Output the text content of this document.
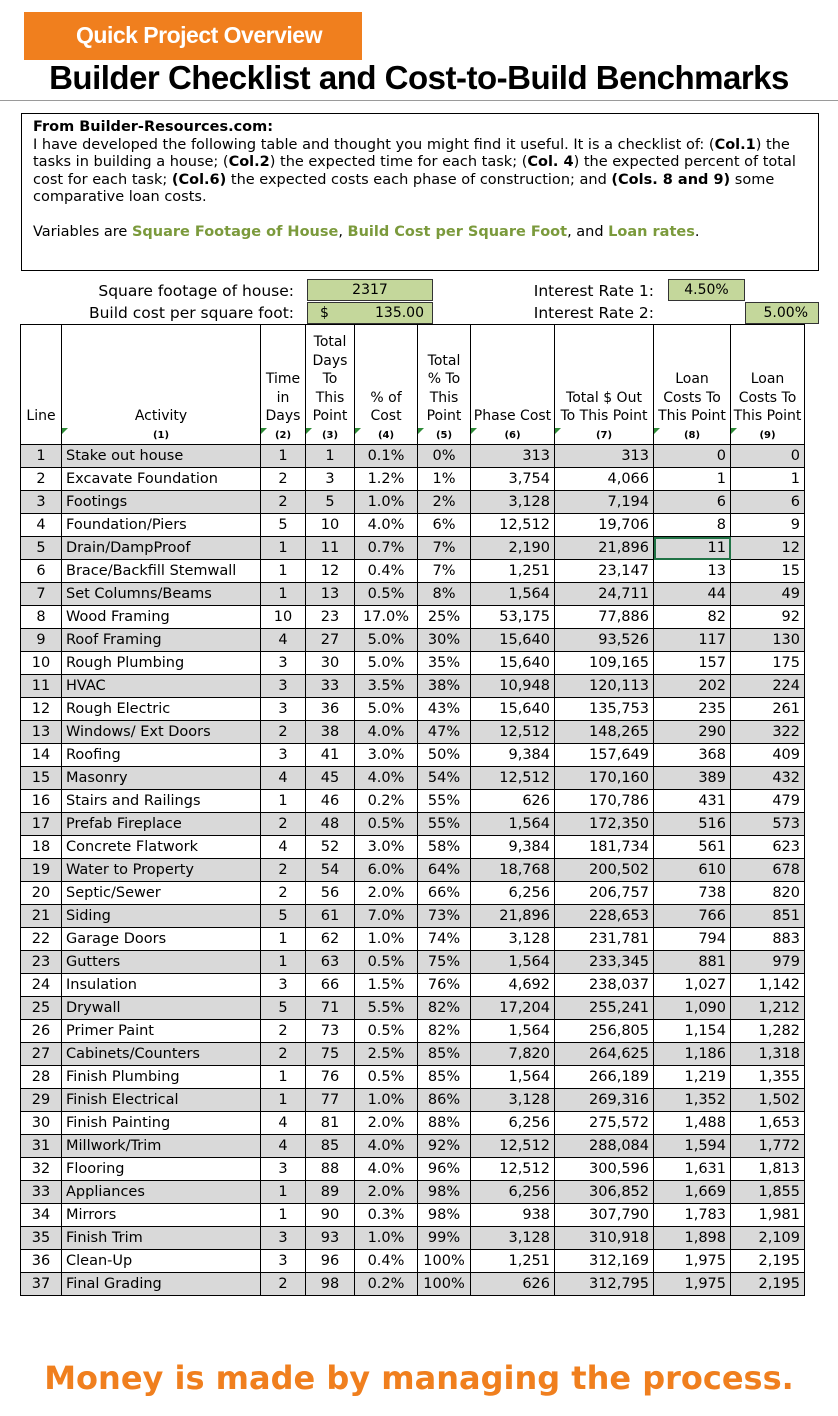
Quick Project Overview
Builder Checklist and Cost-to-Build Benchmarks
From Builder-Resources.com:
I have developed the following table and thought you might find it useful. It is a checklist of: (Col.1) the tasks in building a house; (Col.2) the expected time for each task; (Col. 4) the expected percent of total cost for each task; (Col.6) the expected costs each phase of construction; and (Cols. 8 and 9) some comparative loan costs.
Variables are Square Footage of House, Build Cost per Square Foot, and Loan rates.
Square footage of house:	2317
Build cost per square foot: $	135.00
Interest Rate 1:	4.50%
Interest Rate 2:	5.00%
Line	Activity	Time in Days	Total Days To This Point	% of Cost	Total % To This Point	Phase Cost	Total $ Out To This Point	Loan Costs To This Point	Loan Costs To This Point

(1)	(2)	(3)	(4)	(5)	(6)	(7)	(8)	(9)
1	Stake out house	1	1	0.1%	0%	313	313	0	0
2	Excavate Foundation	2	3	1.2%	1%	3,754	4,066	1	1
3	Footings	2	5	1.0%	2%	3,128	7,194	6	6
4	Foundation/Piers	5	10	4.0%	6%	12,512	19,706	8	9
5	Drain/DampProof	1	11	0.7%	7%	2,190	21,896	11	12
6	Brace/Backfill Stemwall	1	12	0.4%	7%	1,251	23,147	13	15
7	Set Columns/Beams	1	13	0.5%	8%	1,564	24,711	44	49
8	Wood Framing	10	23	17.0%	25%	53,175	77,886	82	92
9	Roof Framing	4	27	5.0%	30%	15,640	93,526	117	130
10	Rough Plumbing	3	30	5.0%	35%	15,640	109,165	157	175
11	HVAC	3	33	3.5%	38%	10,948	120,113	202	224
12	Rough Electric	3	36	5.0%	43%	15,640	135,753	235	261
13	Windows/ Ext Doors	2	38	4.0%	47%	12,512	148,265	290	322
14	Roofing	3	41	3.0%	50%	9,384	157,649	368	409
15	Masonry	4	45	4.0%	54%	12,512	170,160	389	432
16	Stairs and Railings	1	46	0.2%	55%	626	170,786	431	479
17	Prefab Fireplace	2	48	0.5%	55%	1,564	172,350	516	573
18	Concrete Flatwork	4	52	3.0%	58%	9,384	181,734	561	623
19	Water to Property	2	54	6.0%	64%	18,768	200,502	610	678
20	Septic/Sewer	2	56	2.0%	66%	6,256	206,757	738	820
21	Siding	5	61	7.0%	73%	21,896	228,653	766	851
22	Garage Doors	1	62	1.0%	74%	3,128	231,781	794	883
23	Gutters	1	63	0.5%	75%	1,564	233,345	881	979
24	Insulation	3	66	1.5%	76%	4,692	238,037	1,027	1,142
25	Drywall	5	71	5.5%	82%	17,204	255,241	1,090	1,212
26	Primer Paint	2	73	0.5%	82%	1,564	256,805	1,154	1,282
27	Cabinets/Counters	2	75	2.5%	85%	7,820	264,625	1,186	1,318
28	Finish Plumbing	1	76	0.5%	85%	1,564	266,189	1,219	1,355
29	Finish Electrical	1	77	1.0%	86%	3,128	269,316	1,352	1,502
30	Finish Painting	4	81	2.0%	88%	6,256	275,572	1,488	1,653
31	Millwork/Trim	4	85	4.0%	92%	12,512	288,084	1,594	1,772
32	Flooring	3	88	4.0%	96%	12,512	300,596	1,631	1,813
33	Appliances	1	89	2.0%	98%	6,256	306,852	1,669	1,855
34	Mirrors	1	90	0.3%	98%	938	307,790	1,783	1,981
35	Finish Trim	3	93	1.0%	99%	3,128	310,918	1,898	2,109
36	Clean-Up	3	96	0.4%	100%	1,251	312,169	1,975	2,195
37	Final Grading	2	98	0.2%	100%	626	312,795	1,975	2,195
Money is made by managing the process.
